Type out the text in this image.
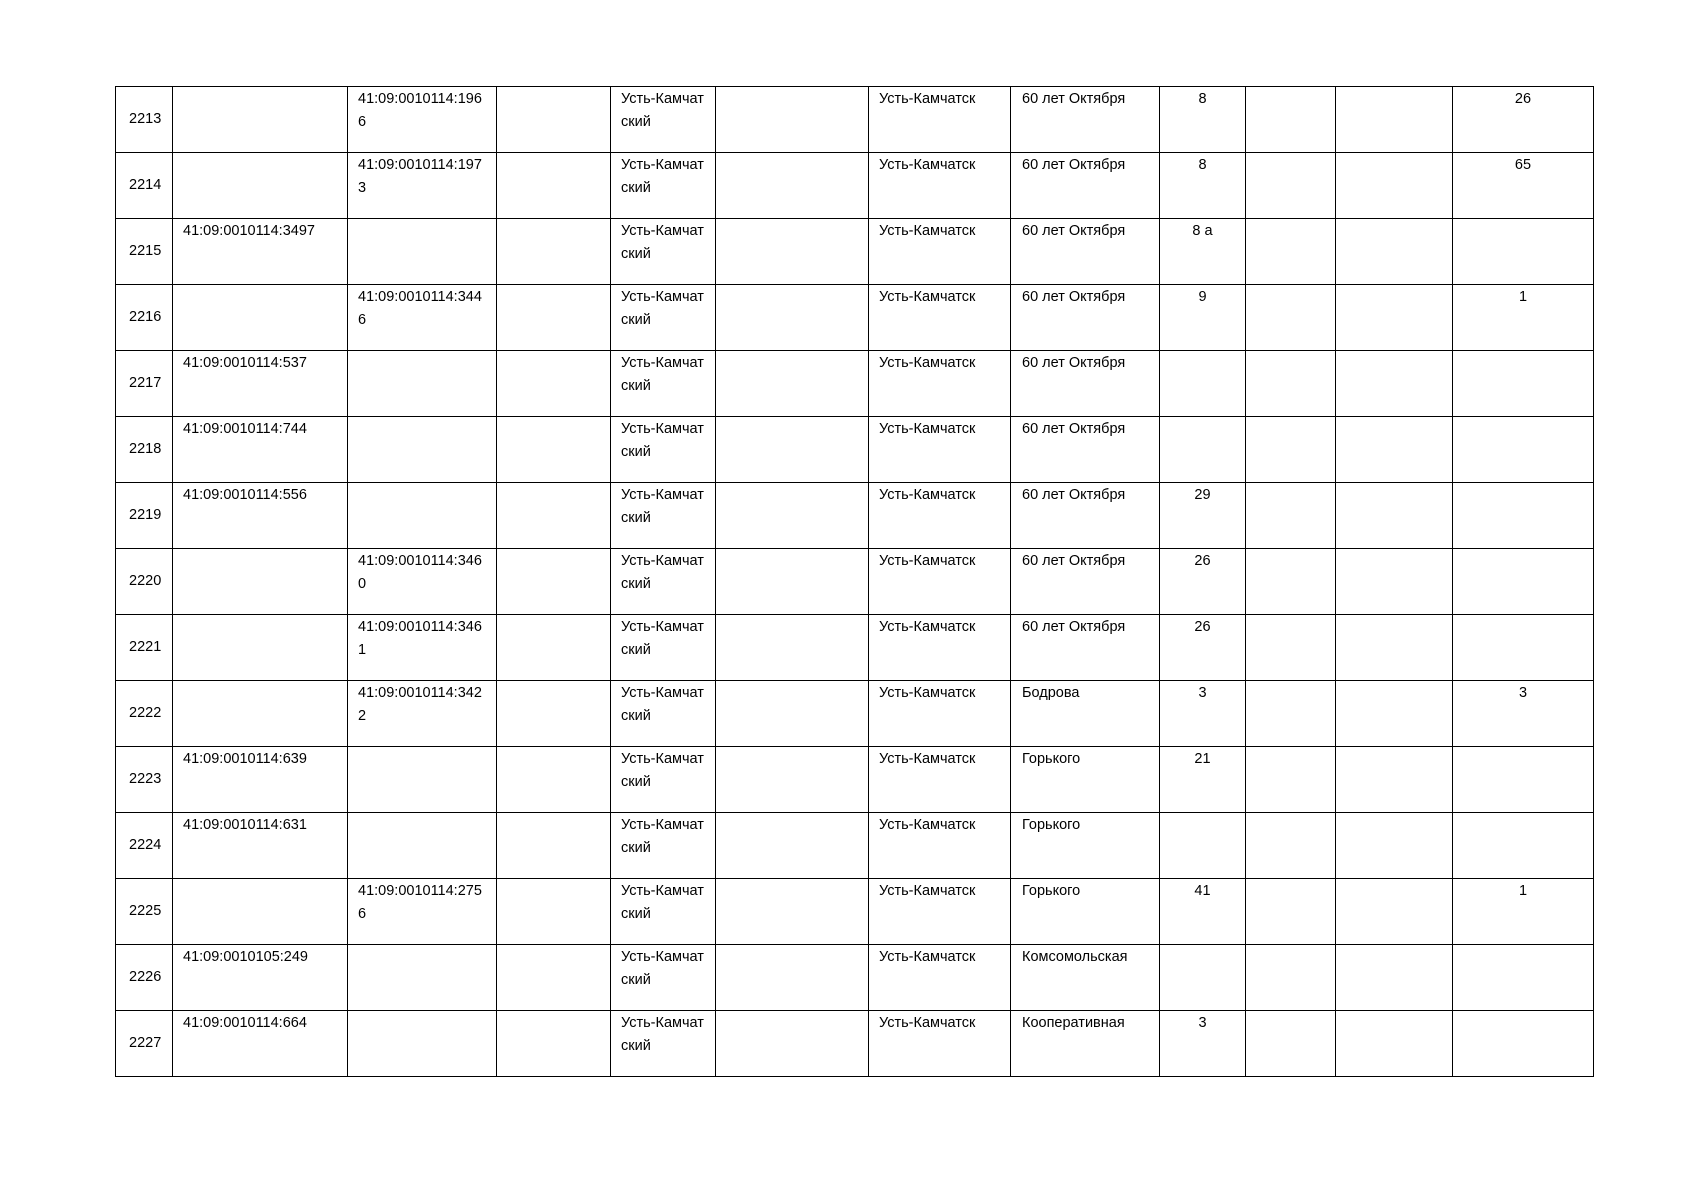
2213		41:09:0010114:1966		Усть-Камчатский		Усть-Камчатск	60 лет Октября	8			26
2214		41:09:0010114:1973		Усть-Камчатский		Усть-Камчатск	60 лет Октября	8			65
2215	41:09:0010114:3497			Усть-Камчатский		Усть-Камчатск	60 лет Октября	8 а			
2216		41:09:0010114:3446		Усть-Камчатский		Усть-Камчатск	60 лет Октября	9			1
2217	41:09:0010114:537			Усть-Камчатский		Усть-Камчатск	60 лет Октября				
2218	41:09:0010114:744			Усть-Камчатский		Усть-Камчатск	60 лет Октября				
2219	41:09:0010114:556			Усть-Камчатский		Усть-Камчатск	60 лет Октября	29			
2220		41:09:0010114:3460		Усть-Камчатский		Усть-Камчатск	60 лет Октября	26			
2221		41:09:0010114:3461		Усть-Камчатский		Усть-Камчатск	60 лет Октября	26			
2222		41:09:0010114:3422		Усть-Камчатский		Усть-Камчатск	Бодрова	3			3
2223	41:09:0010114:639			Усть-Камчатский		Усть-Камчатск	Горького	21			
2224	41:09:0010114:631			Усть-Камчатский		Усть-Камчатск	Горького				
2225		41:09:0010114:2756		Усть-Камчатский		Усть-Камчатск	Горького	41			1
2226	41:09:0010105:249			Усть-Камчатский		Усть-Камчатск	Комсомольская				
2227	41:09:0010114:664			Усть-Камчатский		Усть-Камчатск	Кооперативная	3			
